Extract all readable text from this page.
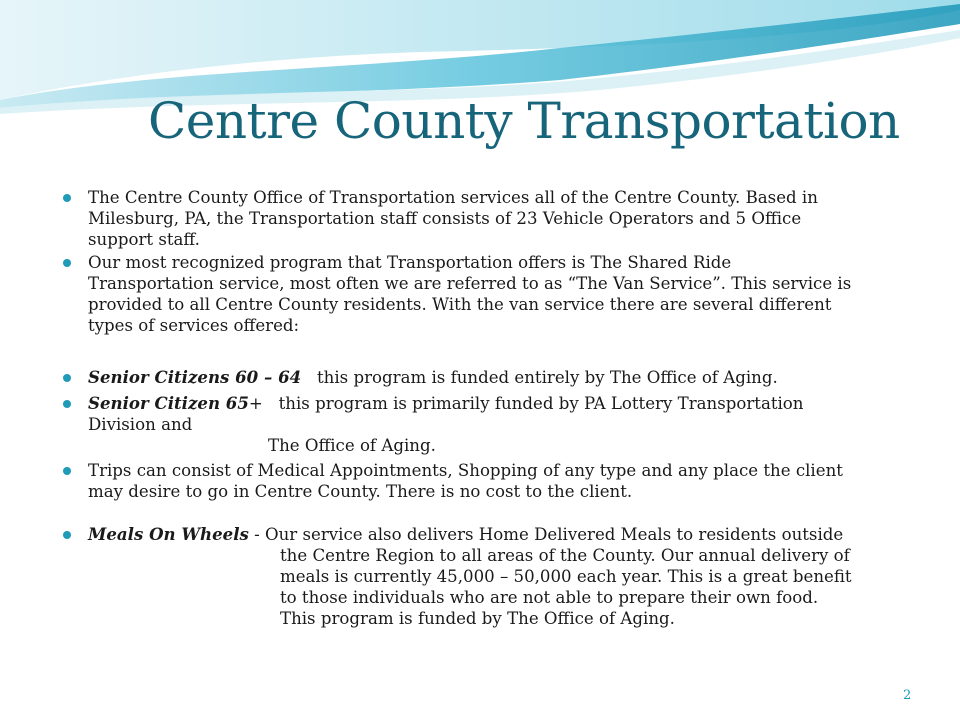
Centre County Transportation
The Centre County Office of Transportation services all of the Centre County. Based in
Milesburg, PA, the Transportation staff consists of 23 Vehicle Operators and 5 Office
support staff.
Our most recognized program that Transportation offers is The Shared Ride
Transportation service, most often we are referred to as “The Van Service”. This service is
provided to all Centre County residents. With the van service there are several different
types of services offered:
Senior Citizens 60 – 64   this program is funded entirely by The Office of Aging.
Senior Citizen 65+   this program is primarily funded by PA Lottery Transportation
Division and
The Office of Aging.
Trips can consist of Medical Appointments, Shopping of any type and any place the client
may desire to go in Centre County. There is no cost to the client.
Meals On Wheels - Our service also delivers Home Delivered Meals to residents outside
the Centre Region to all areas of the County. Our annual delivery of
meals is currently 45,000 – 50,000 each year. This is a great benefit
to those individuals who are not able to prepare their own food.
This program is funded by The Office of Aging.
2
